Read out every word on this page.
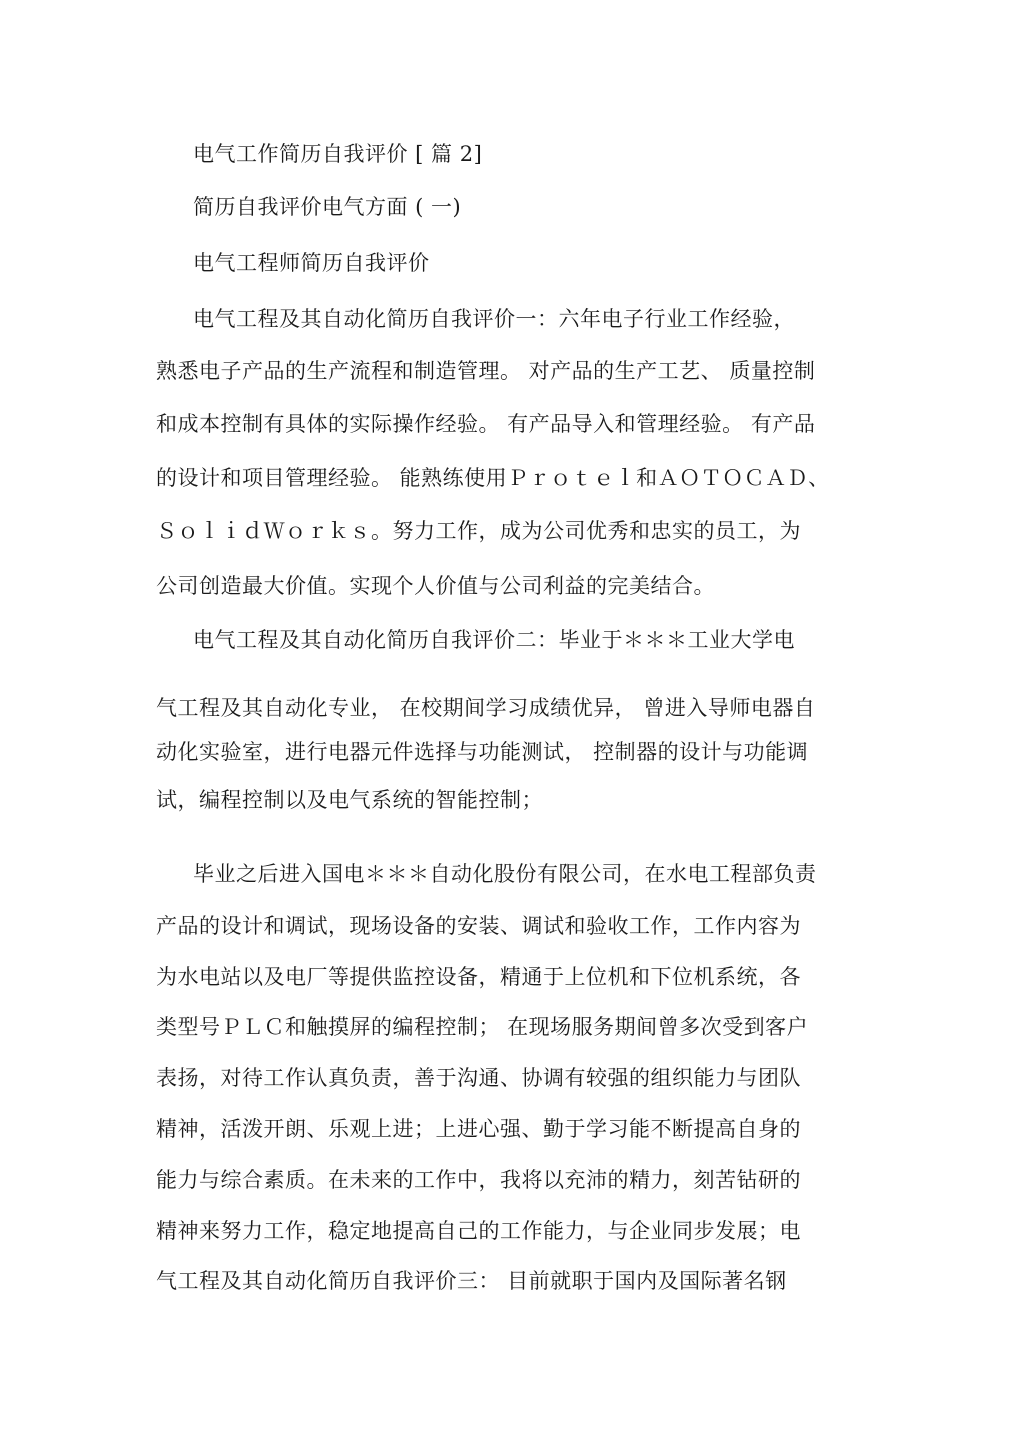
电气工作简历自我评价 [ 篇 2]
简历自我评价电气方面 ( 一)
电气工程师简历自我评价
电气工程及其自动化简历自我评价一：六年电子行业工作经验，
熟悉电子产品的生产流程和制造管理。 对产品的生产工艺、 质量控制
和成本控制有具体的实际操作经验。 有产品导入和管理经验。 有产品
的设计和项目管理经验。 能熟练使用Ｐｒｏｔｅｌ和ＡＯＴＯＣＡＤ、
ＳｏｌｉｄＷｏｒｋｓ。努力工作，成为公司优秀和忠实的员工，为
公司创造最大价值。实现个人价值与公司利益的完美结合。
电气工程及其自动化简历自我评价二：毕业于＊＊＊工业大学电
气工程及其自动化专业， 在校期间学习成绩优异， 曾进入导师电器自
动化实验室，进行电器元件选择与功能测试， 控制器的设计与功能调
试，编程控制以及电气系统的智能控制；
毕业之后进入国电＊＊＊自动化股份有限公司，在水电工程部负责
产品的设计和调试，现场设备的安装、调试和验收工作，工作内容为
为水电站以及电厂等提供监控设备，精通于上位机和下位机系统，各
类型号ＰＬＣ和触摸屏的编程控制； 在现场服务期间曾多次受到客户
表扬，对待工作认真负责，善于沟通、协调有较强的组织能力与团队
精神，活泼开朗、乐观上进；上进心强、勤于学习能不断提高自身的
能力与综合素质。在未来的工作中，我将以充沛的精力，刻苦钻研的
精神来努力工作，稳定地提高自己的工作能力，与企业同步发展；电
气工程及其自动化简历自我评价三： 目前就职于国内及国际著名钢
